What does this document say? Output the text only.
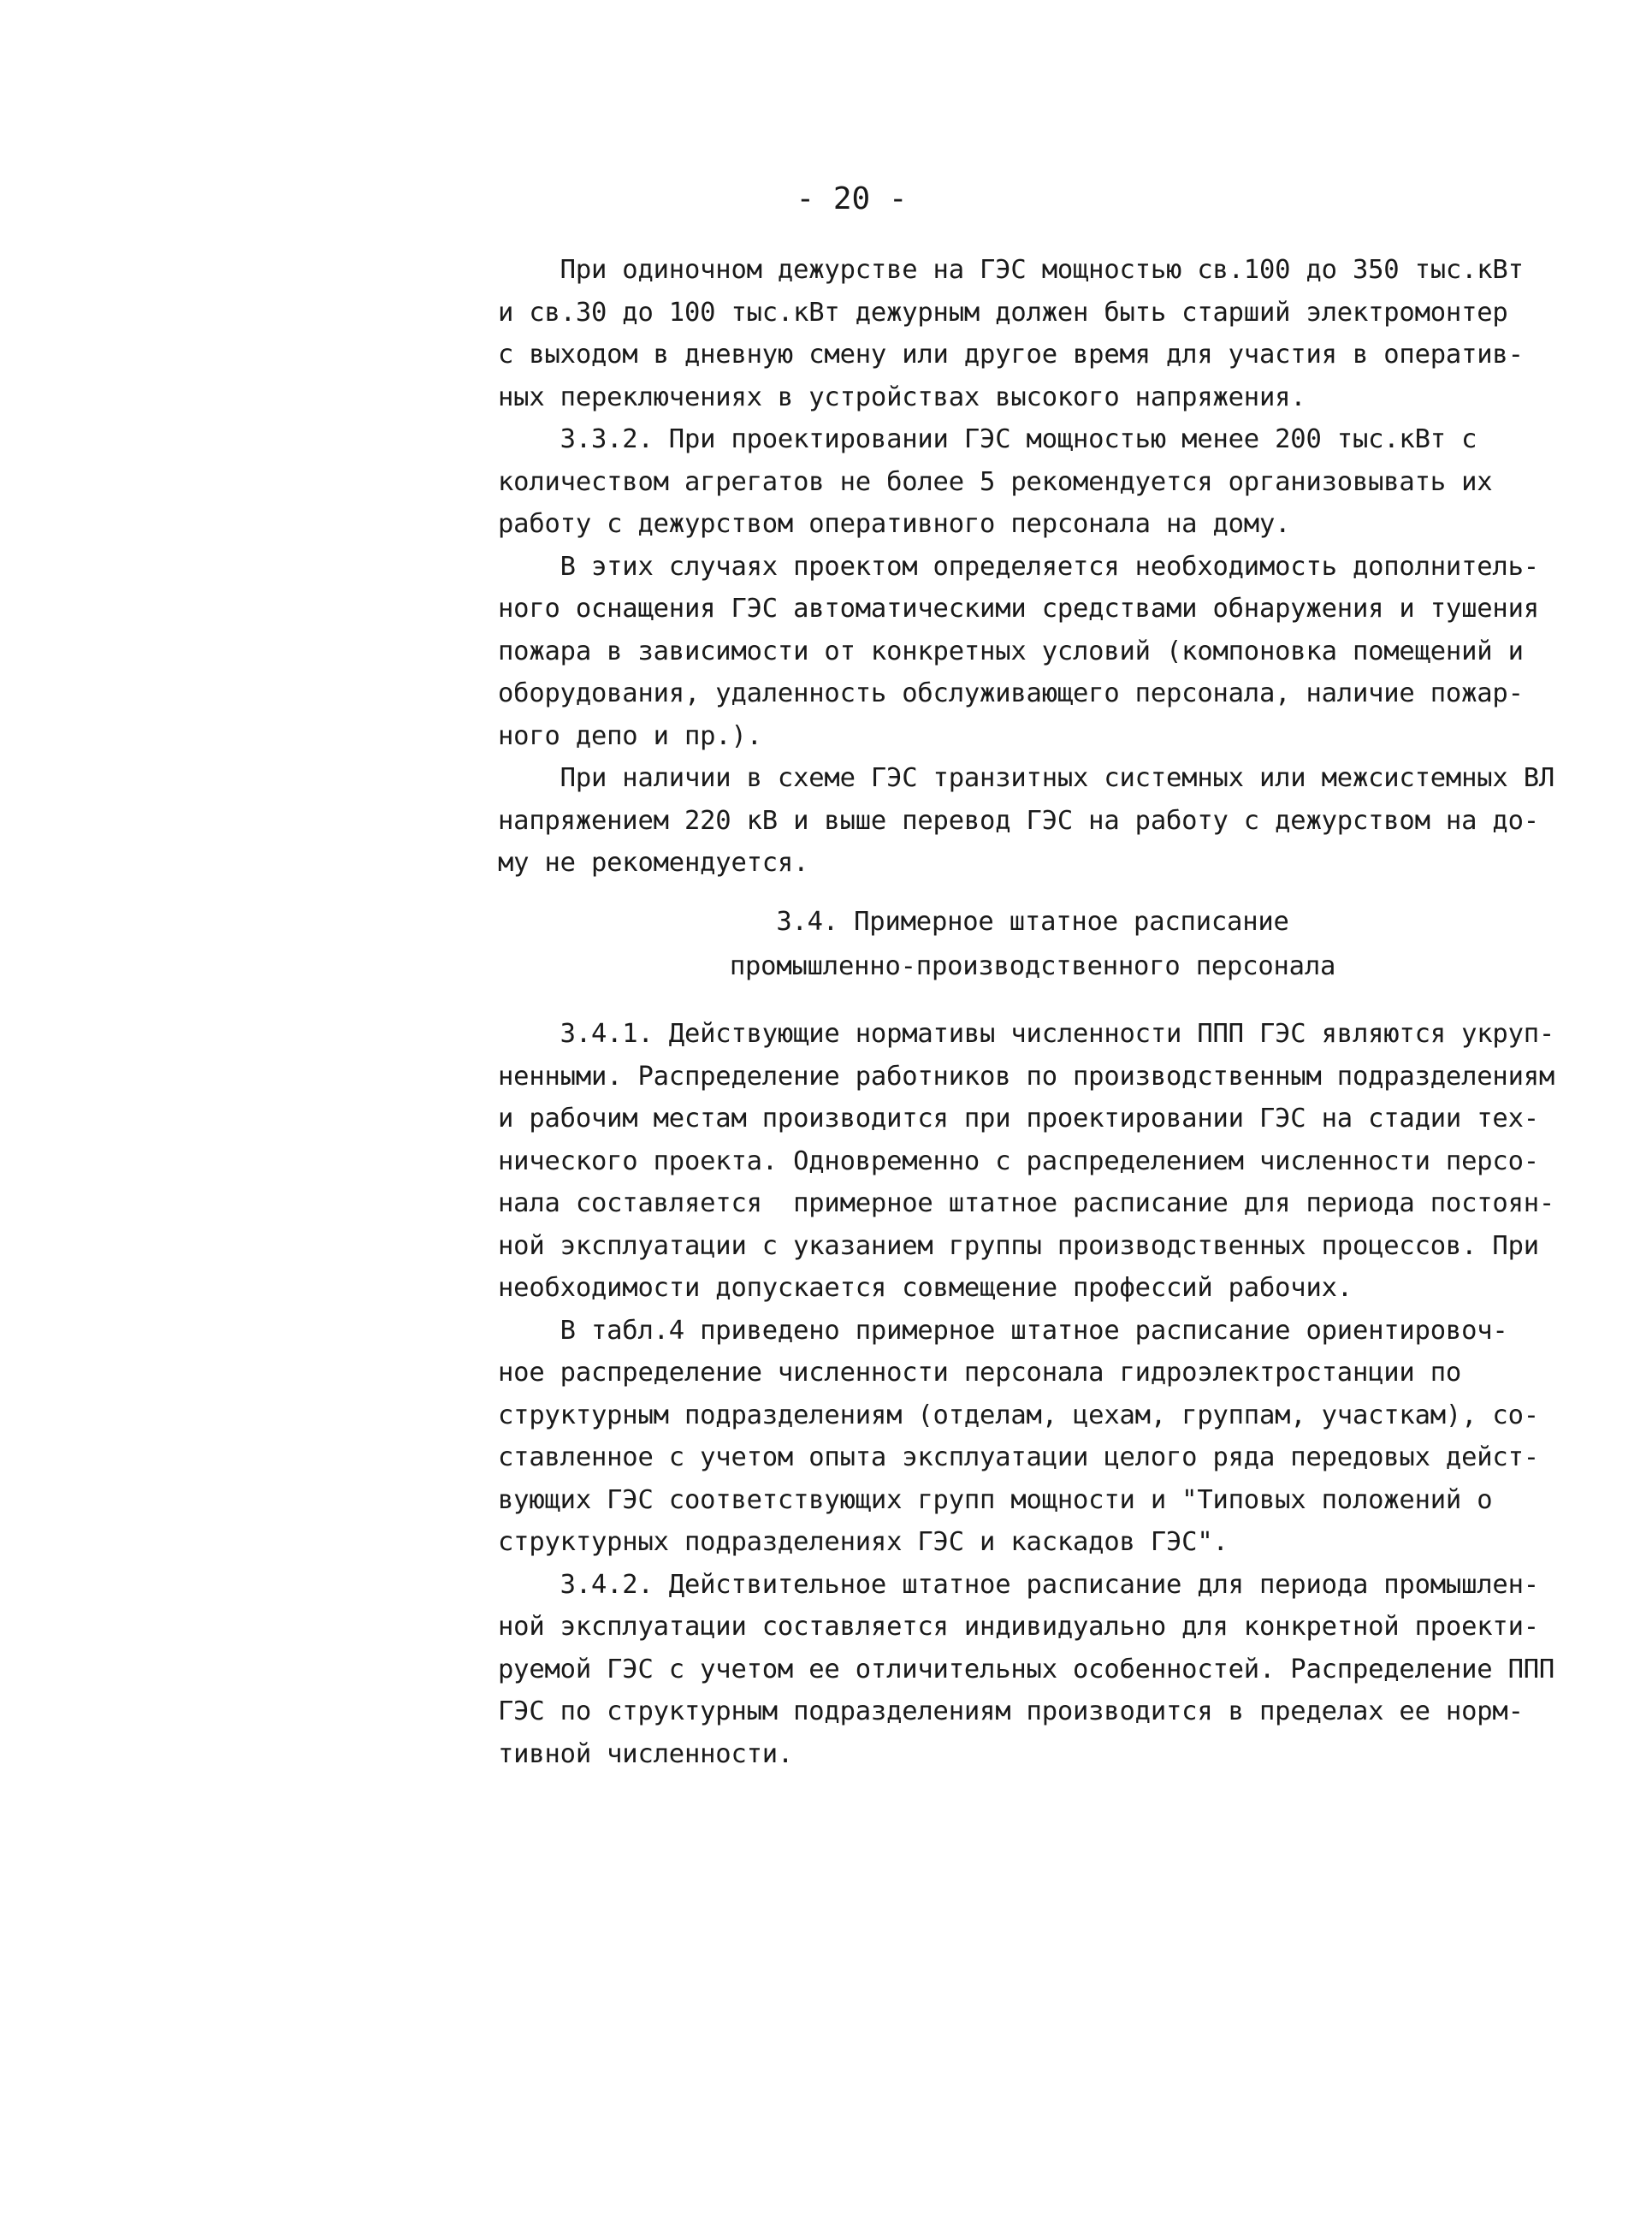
- 20 -
При одиночном дежурстве на ГЭС мощностью св.100 до 350 тыс.кВт
и св.30 до 100 тыс.кВт дежурным должен быть старший электромонтер
с выходом в дневную смену или другое время для участия в оператив-
ных переключениях в устройствах высокого напряжения.
3.3.2. При проектировании ГЭС мощностью менее 200 тыс.кВт с
количеством агрегатов не более 5 рекомендуется организовывать их
работу с дежурством оперативного персонала на дому.
В этих случаях проектом определяется необходимость дополнитель-
ного оснащения ГЭС автоматическими средствами обнаружения и тушения
пожара в зависимости от конкретных условий (компоновка помещений и
оборудования, удаленность обслуживающего персонала, наличие пожар-
ного депо и пр.).
При наличии в схеме ГЭС транзитных системных или межсистемных ВЛ
напряжением 220 кВ и выше перевод ГЭС на работу с дежурством на до-
му не рекомендуется.
3.4. Примерное штатное расписание
промышленно-производственного персонала
3.4.1. Действующие нормативы численности ППП ГЭС являются укруп-
ненными. Распределение работников по производственным подразделениям
и рабочим местам производится при проектировании ГЭС на стадии тех-
нического проекта. Одновременно с распределением численности персо-
нала составляется  примерное штатное расписание для периода постоян-
ной эксплуатации с указанием группы производственных процессов. При
необходимости допускается совмещение профессий рабочих.
В табл.4 приведено примерное штатное расписание ориентировоч-
ное распределение численности персонала гидроэлектростанции по
структурным подразделениям (отделам, цехам, группам, участкам), со-
ставленное с учетом опыта эксплуатации целого ряда передовых дейст-
вующих ГЭС соответствующих групп мощности и "Типовых положений о
структурных подразделениях ГЭС и каскадов ГЭС".
3.4.2. Действительное штатное расписание для периода промышлен-
ной эксплуатации составляется индивидуально для конкретной проекти-
руемой ГЭС с учетом ее отличительных особенностей. Распределение ППП
ГЭС по структурным подразделениям производится в пределах ее норм-
тивной численности.
